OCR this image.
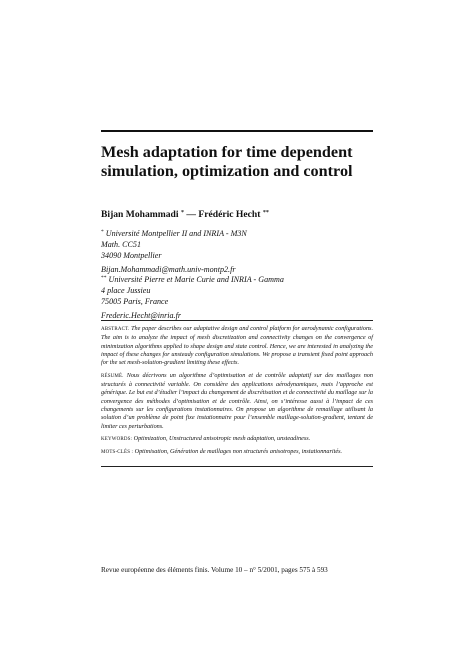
Mesh adaptation for time dependent
simulation, optimization and control
Bijan Mohammadi * — Frédéric Hecht **
* Université Montpellier II and INRIA - M3N
Math. CC51
34090 Montpellier
Bijan.Mohammadi@math.univ-montp2.fr
** Université Pierre et Marie Curie and INRIA - Gamma
4 place Jussieu
75005 Paris, France
Frederic.Hecht@inria.fr

ABSTRACT. The paper describes our adaptative design and control platform for aerodynamic configurations. The aim is to analyze the impact of mesh discretization and connectivity changes on the convergence of minimization algorithms applied to shape design and state control. Hence, we are interested in analyzing the impact of these changes for unsteady configuration simulations. We propose a transient fixed point approach for the set mesh-solution-gradient limiting these effects.

RÉSUMÉ. Nous décrivons un algorithme d’optimisation et de contrôle adaptatif sur des maillages non structurés à connectivité variable. On considère des applications aérodynamiques, mais l’approche est générique. Le but est d’étudier l’impact du changement de discrétisation et de connectivité du maillage sur la convergence des méthodes d’optimisation et de contrôle. Ainsi, on s’intéresse aussi à l’impact de ces changements sur les configurations instationnaires. On propose un algorithme de remaillage utilisant la solution d’un problème de point fixe instationnaire pour l’ensemble maillage-solution-gradient, tentant de limiter ces perturbations.

KEYWORDS: Optimization, Unstructured anisotropic mesh adaptation, unsteadiness.

MOTS-CLÉS : Optimisation, Génération de maillages non structurés anisotropes, instationnarités.

Revue européenne des éléments finis. Volume 10 – n° 5/2001, pages 575 à 593
